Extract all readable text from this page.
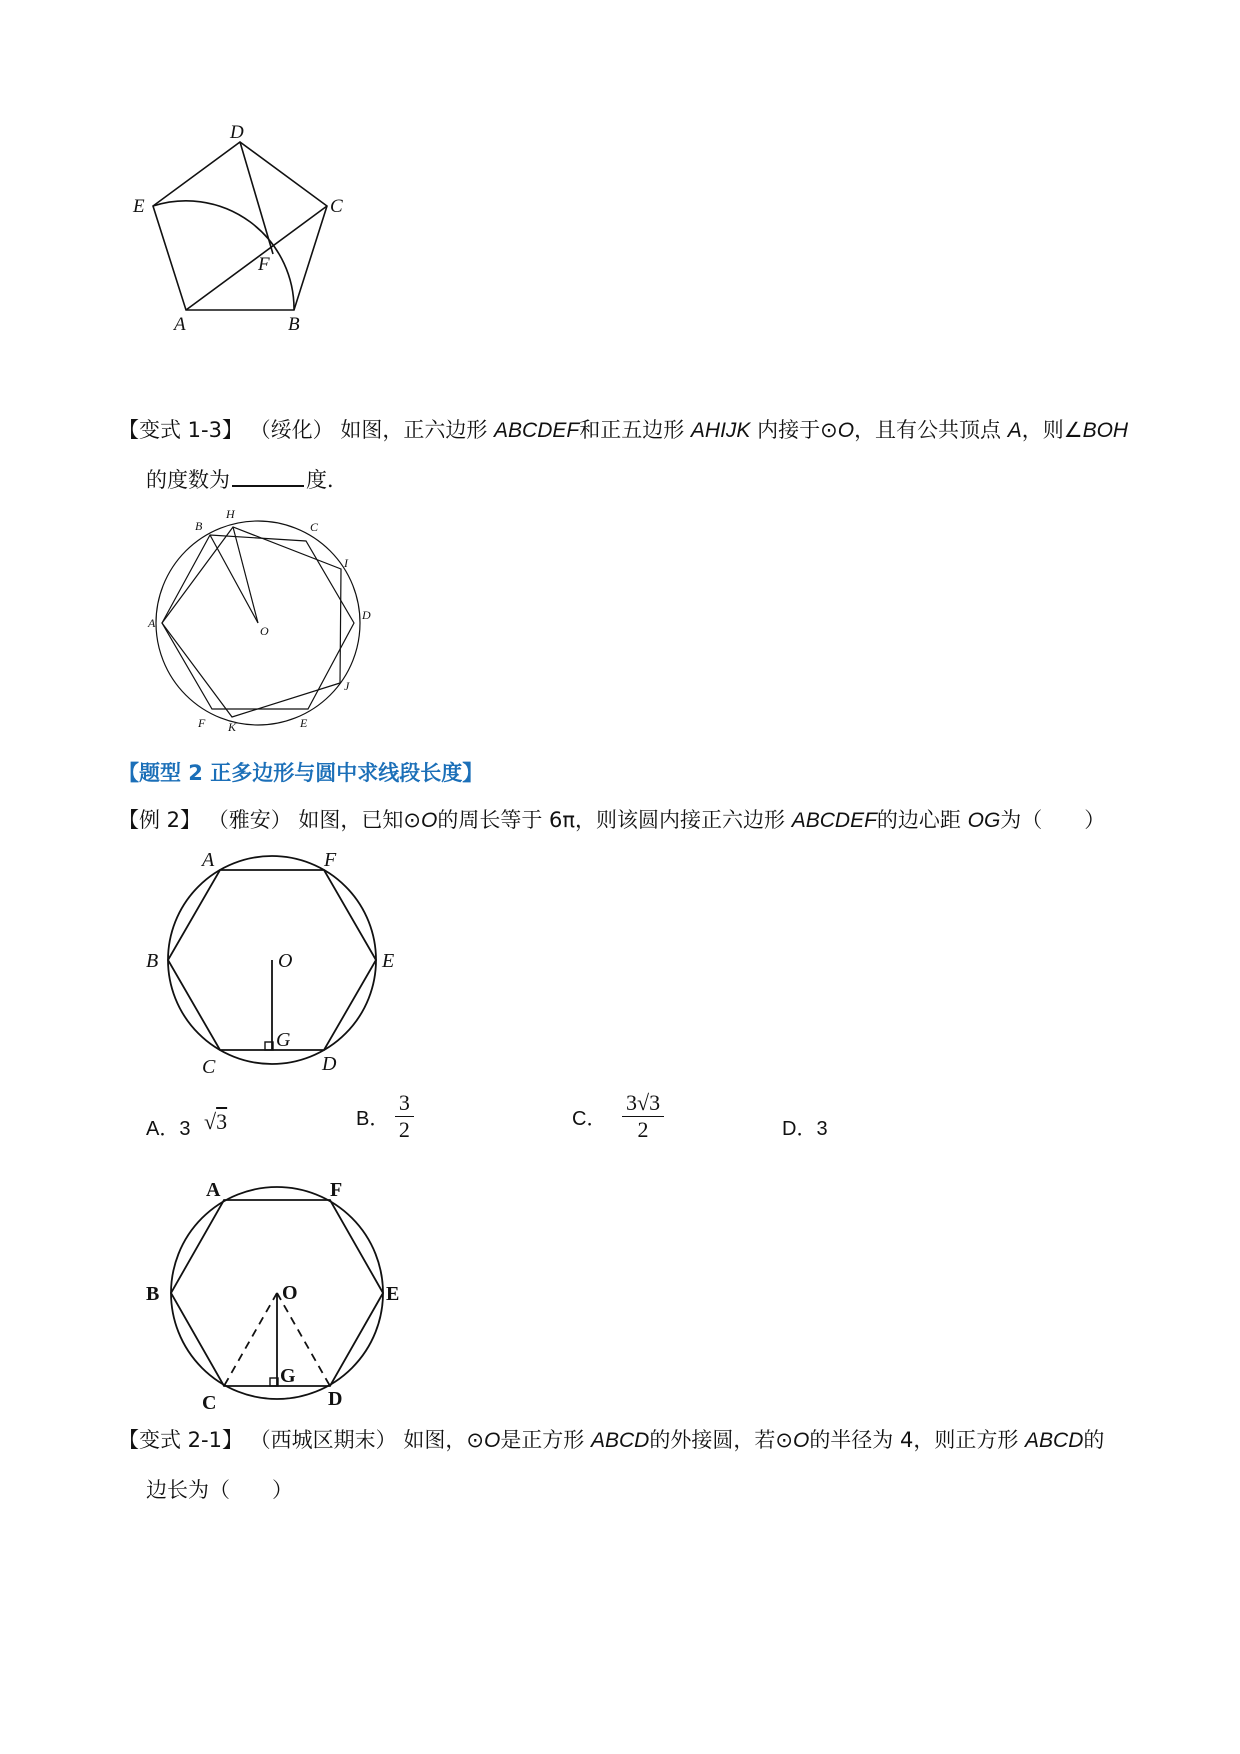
D
E	C
F
A	B
【变式 1-3】 （绥化） 如图，正六边形 ABCDEF和正五边形 AHIJK 内接于⊙O，且有公共顶点 A，则∠BOH
的度数为	度．
B
H
C
I
A
O
D
J
F K	E
【题型 2 正多边形与圆中求线段长度】
【例 2】 （雅安） 如图，已知⊙O的周长等于 6π，则该圆内接正六边形 ABCDEF的边心距 OG为（　　）
A	F
B	O	E
G
C	D
A．3 √3	B． $\frac{3}{2}$	C． $\frac{3√3}{2}$	D．3
A	F
B	O	E
G
C	D
【变式 2-1】 （西城区期末） 如图，⊙O是正方形 ABCD的外接圆，若⊙O的半径为 4，则正方形 ABCD的
边长为（　　）
